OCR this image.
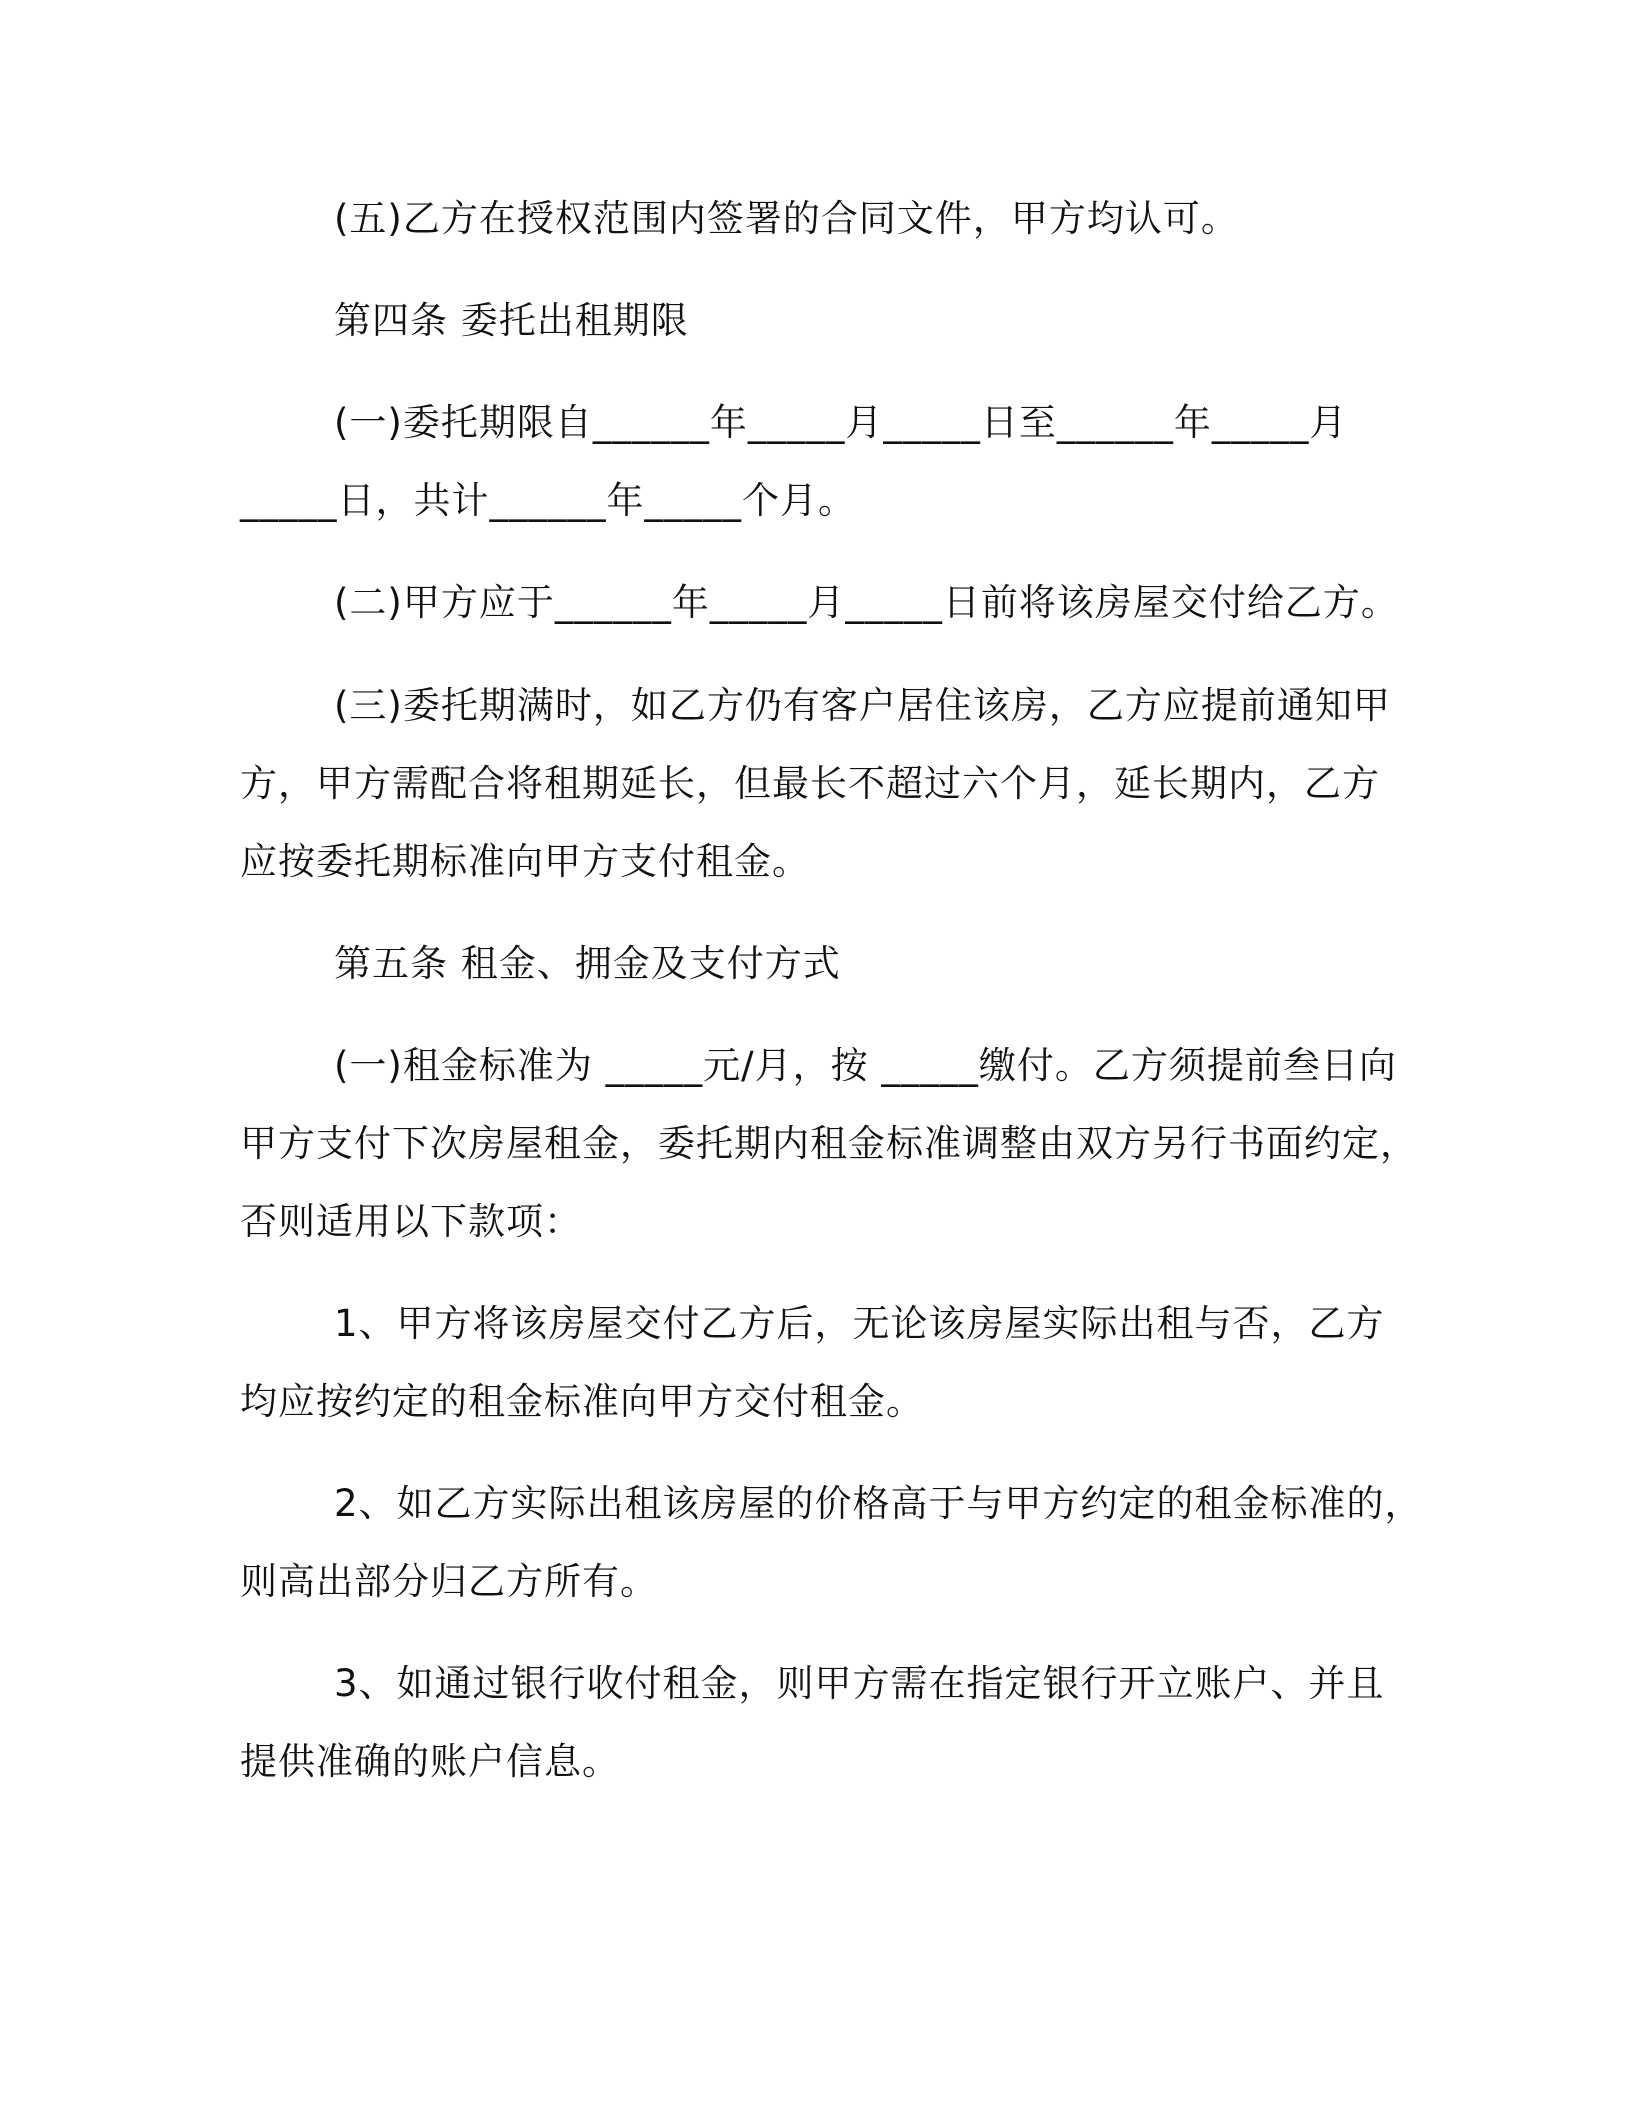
(五)乙方在授权范围内签署的合同文件，甲方均认可。
第四条 委托出租期限
(一)委托期限自______年_____月_____日至______年_____月
_____日，共计______年_____个月。
(二)甲方应于______年_____月_____日前将该房屋交付给乙方。
(三)委托期满时，如乙方仍有客户居住该房，乙方应提前通知甲
方，甲方需配合将租期延长，但最长不超过六个月，延长期内，乙方
应按委托期标准向甲方支付租金。
第五条 租金、拥金及支付方式
(一)租金标准为 _____元/月，按 _____缴付。乙方须提前叁日向
甲方支付下次房屋租金，委托期内租金标准调整由双方另行书面约定，
否则适用以下款项：
1、甲方将该房屋交付乙方后，无论该房屋实际出租与否，乙方
均应按约定的租金标准向甲方交付租金。
2、如乙方实际出租该房屋的价格高于与甲方约定的租金标准的，
则高出部分归乙方所有。
3、如通过银行收付租金，则甲方需在指定银行开立账户、并且
提供准确的账户信息。
